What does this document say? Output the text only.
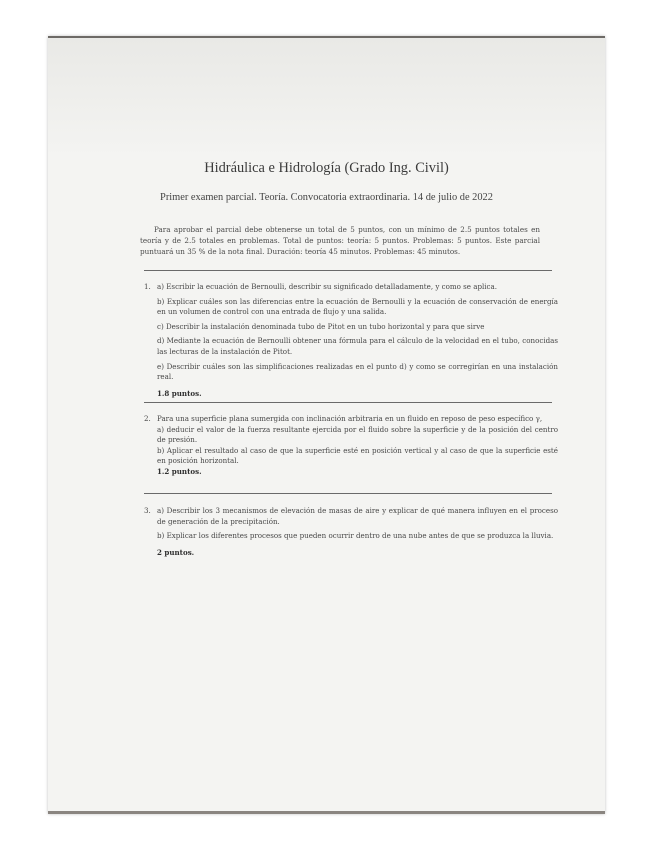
Hidráulica e Hidrología (Grado Ing. Civil)
Primer examen parcial. Teoría. Convocatoria extraordinaria. 14 de julio de 2022
Para aprobar el parcial debe obtenerse un total de 5 puntos, con un mínimo de 2.5 puntos totales en teoría y de 2.5 totales en problemas. Total de puntos: teoría: 5 puntos. Problemas: 5 puntos. Este parcial puntuará un 35 % de la nota final. Duración: teoría 45 minutos. Problemas: 45 minutos.
1. a) Escribir la ecuación de Bernoulli, describir su significado detalladamente, y como se aplica.

b) Explicar cuáles son las diferencias entre la ecuación de Bernoulli y la ecuación de conservación de energía en un volumen de control con una entrada de flujo y una salida.

c) Describir la instalación denominada tubo de Pitot en un tubo horizontal y para que sirve

d) Mediante la ecuación de Bernoulli obtener una fórmula para el cálculo de la velocidad en el tubo, conocidas las lecturas de la instalación de Pitot.

e) Describir cuáles son las simplificaciones realizadas en el punto d) y como se corregirían en una instalación real.

1.8 puntos.
2. Para una superficie plana sumergida con inclinación arbitraria en un fluido en reposo de peso específico γ,

a) deducir el valor de la fuerza resultante ejercida por el fluido sobre la superficie y de la posición del centro de presión.

b) Aplicar el resultado al caso de que la superficie esté en posición vertical y al caso de que la superficie esté en posición horizontal.

1.2 puntos.
3. a) Describir los 3 mecanismos de elevación de masas de aire y explicar de qué manera influyen en el proceso de generación de la precipitación.

b) Explicar los diferentes procesos que pueden ocurrir dentro de una nube antes de que se produzca la lluvia.

2 puntos.
